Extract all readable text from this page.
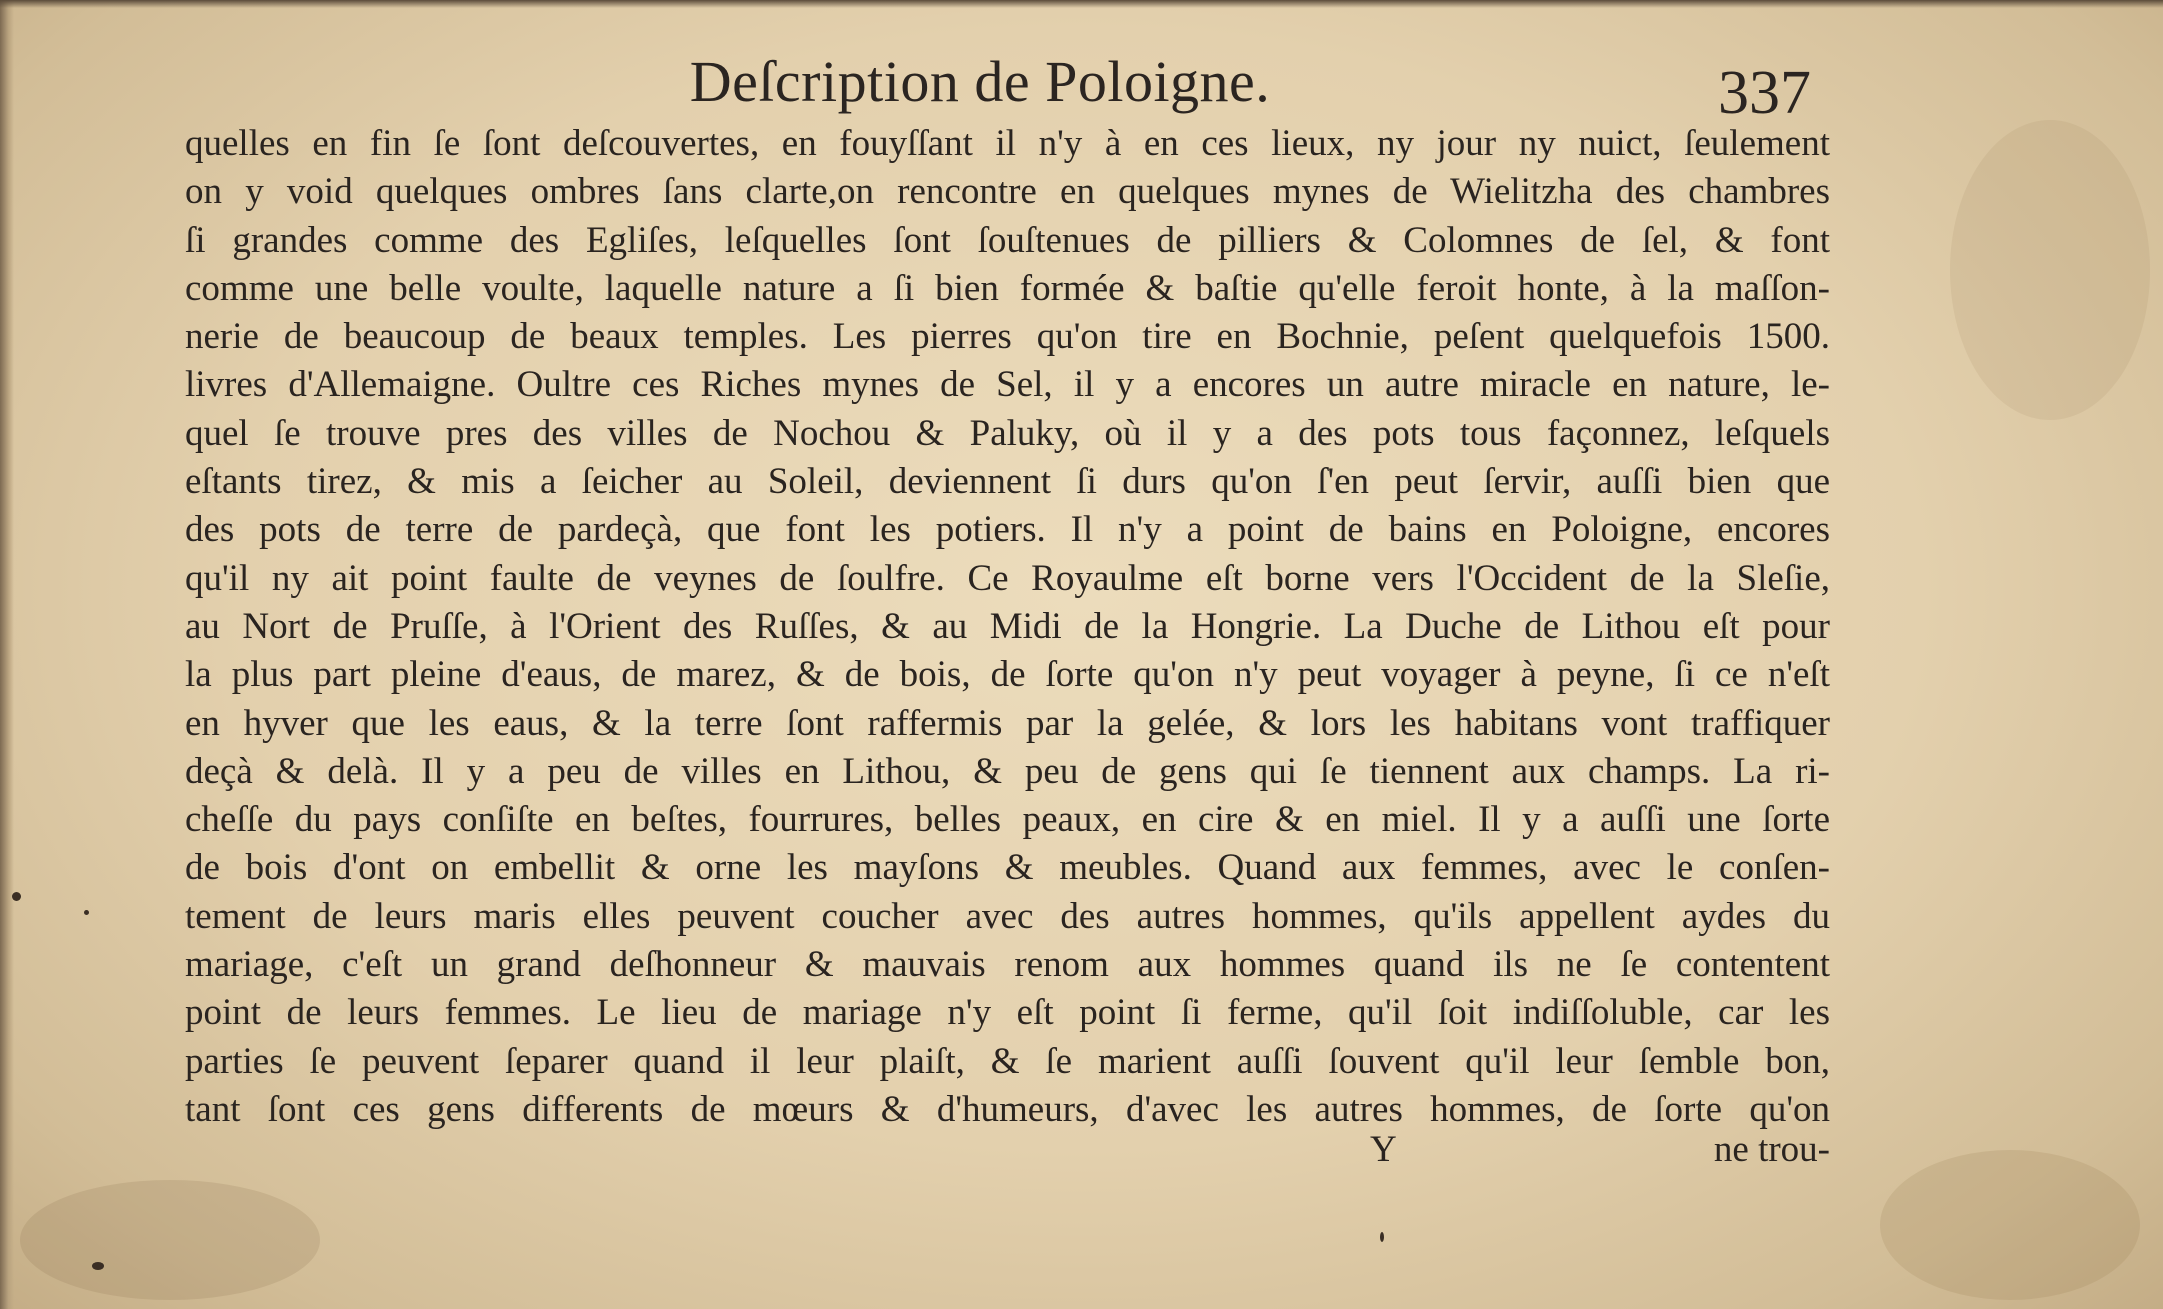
Deſcription de Poloigne.	337
quelles en fin ſe ſont deſcouvertes, en fouyſſant il n'y à en ces lieux, ny jour ny nuict, ſeulement
on y void quelques ombres ſans clarte,on rencontre en quelques mynes de Wielitzha des chambres
ſi grandes comme des Egliſes, leſquelles ſont ſouſtenues de pilliers & Colomnes de ſel, & font
comme une belle voulte, laquelle nature a ſi bien formée & baſtie qu'elle feroit honte, à la maſſon-
nerie de beaucoup de beaux temples. Les pierres qu'on tire en Bochnie, peſent quelquefois 1500.
livres d'Allemaigne. Oultre ces Riches mynes de Sel, il y a encores un autre miracle en nature, le-
quel ſe trouve pres des villes de Nochou & Paluky, où il y a des pots tous façonnez, leſquels
eſtants tirez, & mis a ſeicher au Soleil, deviennent ſi durs qu'on ſ'en peut ſervir, auſſi bien que
des pots de terre de pardeçà, que font les potiers. Il n'y a point de bains en Poloigne, encores
qu'il ny ait point faulte de veynes de ſoulfre. Ce Royaulme eſt borne vers l'Occident de la Sleſie,
au Nort de Pruſſe, à l'Orient des Ruſſes, & au Midi de la Hongrie. La Duche de Lithou eſt pour
la plus part pleine d'eaus, de marez, & de bois, de ſorte qu'on n'y peut voyager à peyne, ſi ce n'eſt
en hyver que les eaus, & la terre ſont raffermis par la gelée, & lors les habitans vont traffiquer
deçà & delà. Il y a peu de villes en Lithou, & peu de gens qui ſe tiennent aux champs. La ri-
cheſſe du pays conſiſte en beſtes, fourrures, belles peaux, en cire & en miel. Il y a auſſi une ſorte
de bois d'ont on embellit & orne les mayſons & meubles. Quand aux femmes, avec le conſen-
tement de leurs maris elles peuvent coucher avec des autres hommes, qu'ils appellent aydes du
mariage, c'eſt un grand deſhonneur & mauvais renom aux hommes quand ils ne ſe contentent
point de leurs femmes. Le lieu de mariage n'y eſt point ſi ferme, qu'il ſoit indiſſoluble, car les
parties ſe peuvent ſeparer quand il leur plaiſt, & ſe marient auſſi ſouvent qu'il leur ſemble bon,
tant ſont ces gens differents de mœurs & d'humeurs, d'avec les autres hommes, de ſorte qu'on
Y	ne trou-
